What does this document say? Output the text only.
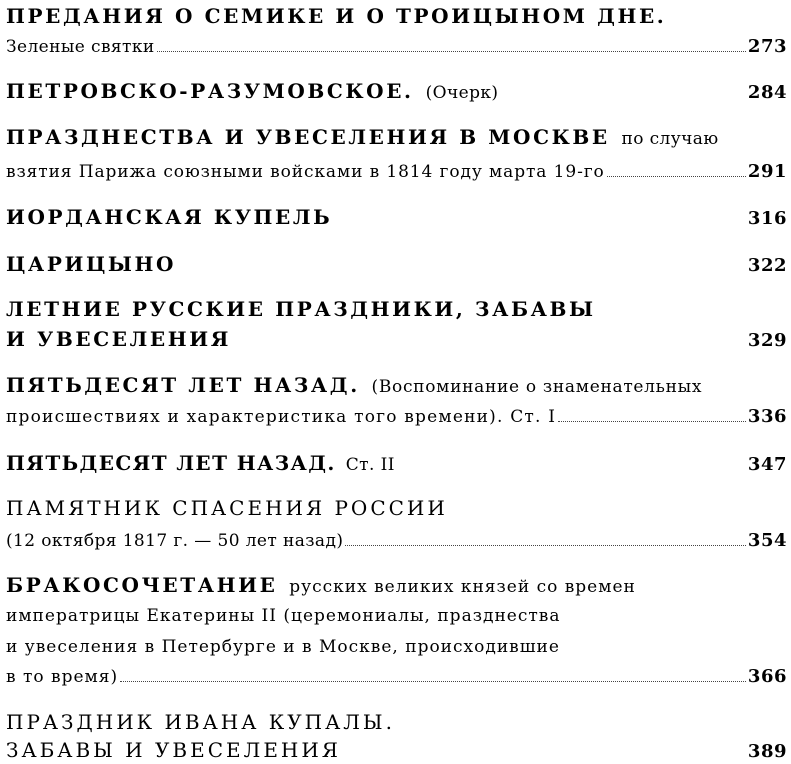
ПРЕДАНИЯ О СЕМИКЕ И О ТРОИЦЫНОМ ДНЕ.
Зеленые святки	273
ПЕТРОВСКО-РАЗУМОВСКОЕ. (Очерк)	284
ПРАЗДНЕСТВА И УВЕСЕЛЕНИЯ В МОСКВЕ по случаю
взятия Парижа союзными войсками в 1814 году марта 19-го	291
ИОРДАНСКАЯ КУПЕЛЬ	316
ЦАРИЦЫНО	322
ЛЕТНИЕ РУССКИЕ ПРАЗДНИКИ, ЗАБАВЫ
И УВЕСЕЛЕНИЯ	329
ПЯТЬДЕСЯТ ЛЕТ НАЗАД. (Воспоминание о знаменательных
происшествиях и характеристика того времени). Ст. I	336
ПЯТЬДЕСЯТ ЛЕТ НАЗАД. Ст. II	347
ПАМЯТНИК СПАСЕНИЯ РОССИИ
(12 октября 1817 г. — 50 лет назад)	354
БРАКОСОЧЕТАНИЕ русских великих князей со времен
императрицы Екатерины II (церемониалы, празднества
и увеселения в Петербурге и в Москве, происходившие
в то время)	366
ПРАЗДНИК ИВАНА КУПАЛЫ.
ЗАБАВЫ И УВЕСЕЛЕНИЯ	389
